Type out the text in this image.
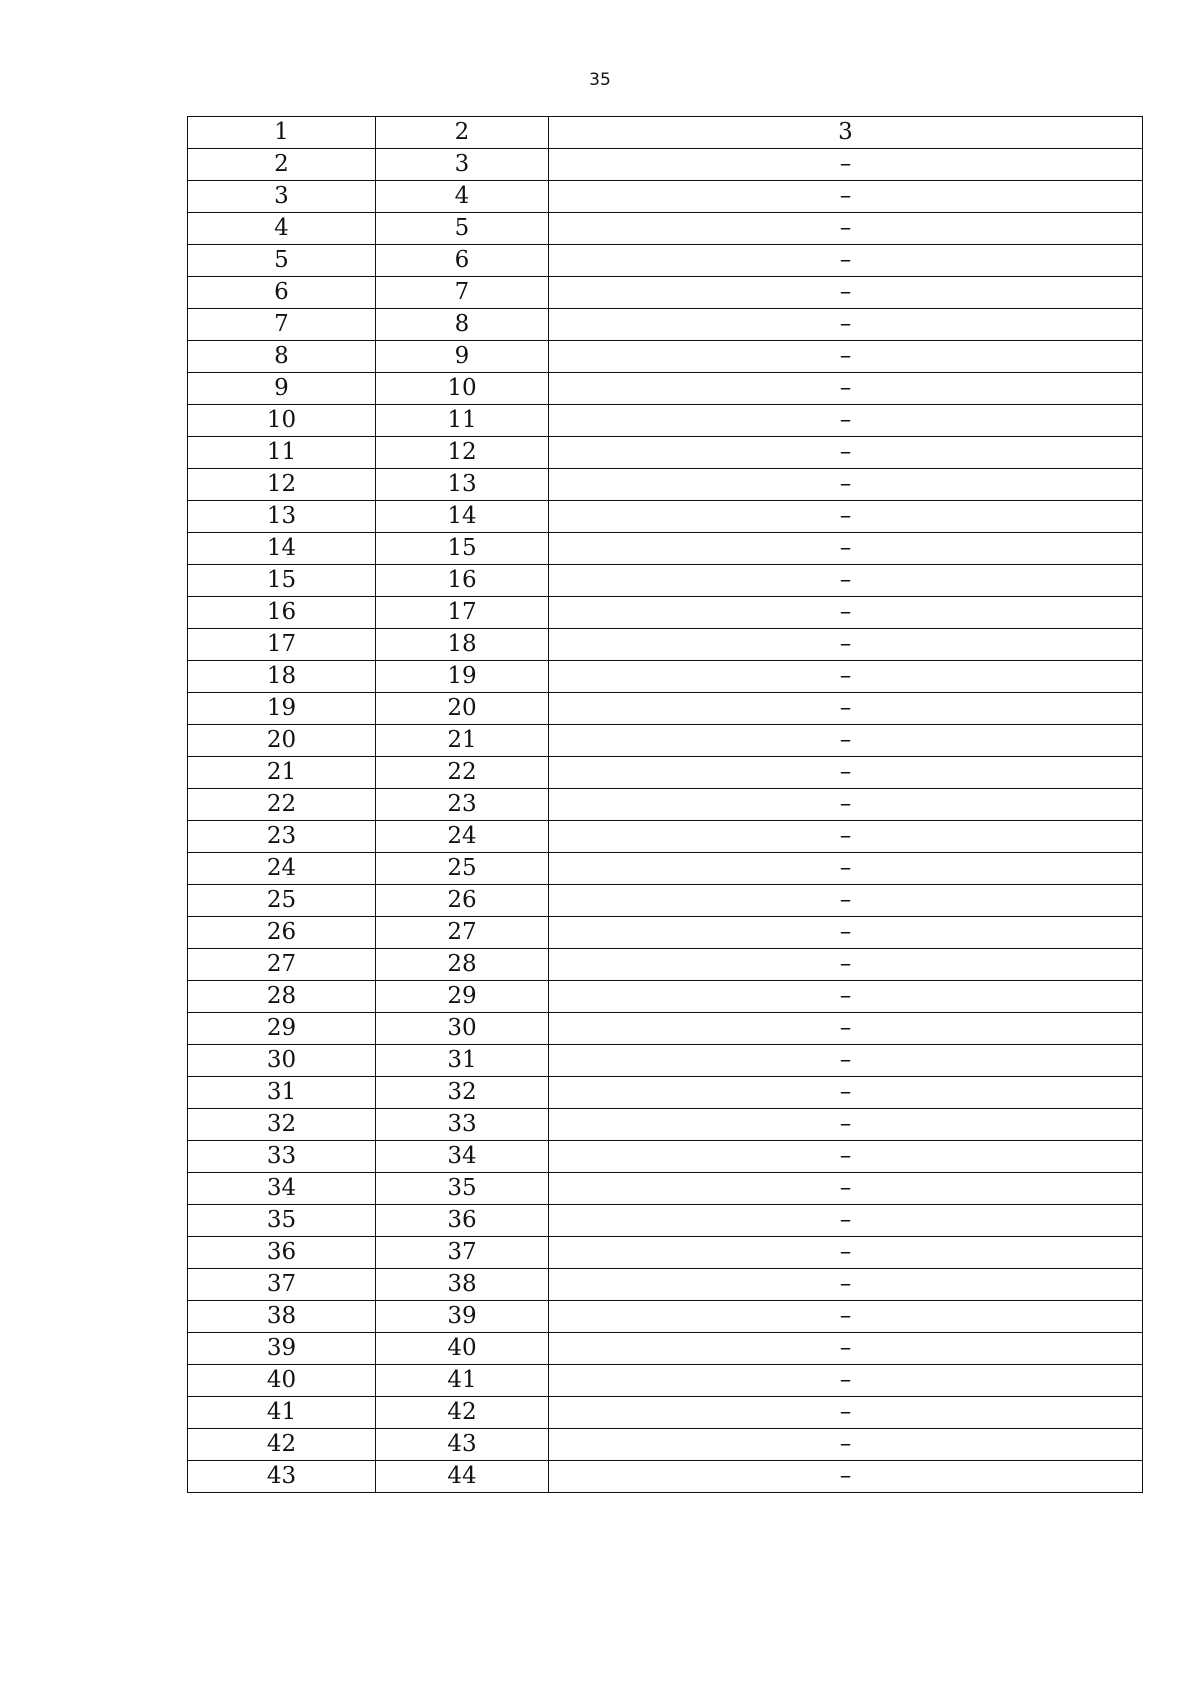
35
1	2	3
2	3	–
3	4	–
4	5	–
5	6	–
6	7	–
7	8	–
8	9	–
9	10	–
10	11	–
11	12	–
12	13	–
13	14	–
14	15	–
15	16	–
16	17	–
17	18	–
18	19	–
19	20	–
20	21	–
21	22	–
22	23	–
23	24	–
24	25	–
25	26	–
26	27	–
27	28	–
28	29	–
29	30	–
30	31	–
31	32	–
32	33	–
33	34	–
34	35	–
35	36	–
36	37	–
37	38	–
38	39	–
39	40	–
40	41	–
41	42	–
42	43	–
43	44	–
